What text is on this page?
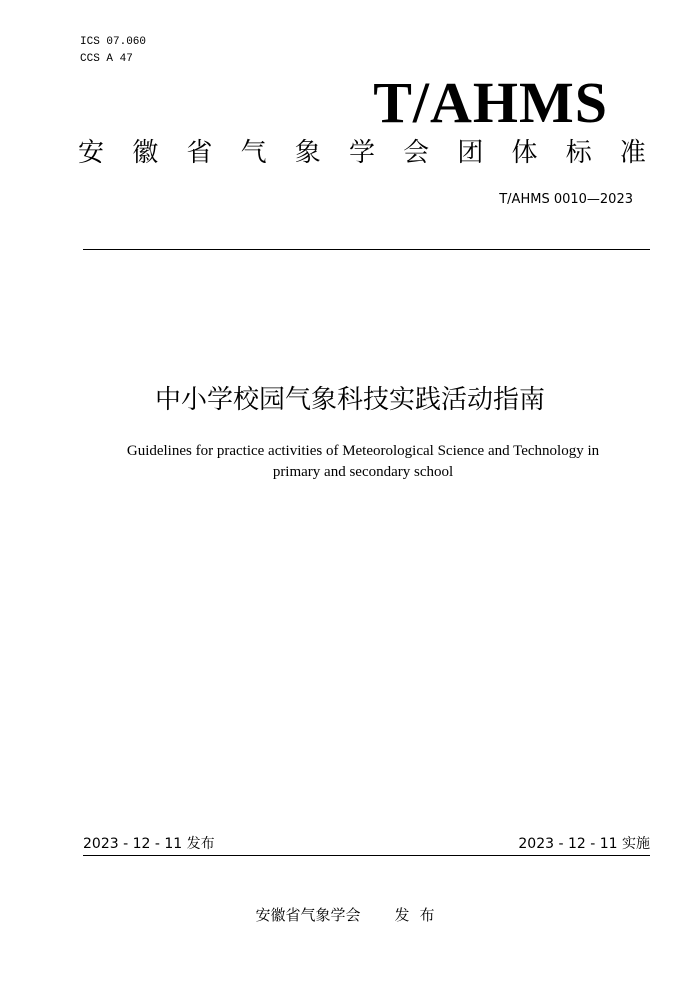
ICS 07.060
CCS A 47
T/AHMS
安 徽 省 气 象 学 会 团 体 标 准
T/AHMS 0010—2023
中小学校园气象科技实践活动指南
Guidelines for practice activities of Meteorological Science and Technology in
primary and secondary school
2023 - 12 - 11 发布	2023 - 12 - 11 实施
安徽省气象学会 发布
